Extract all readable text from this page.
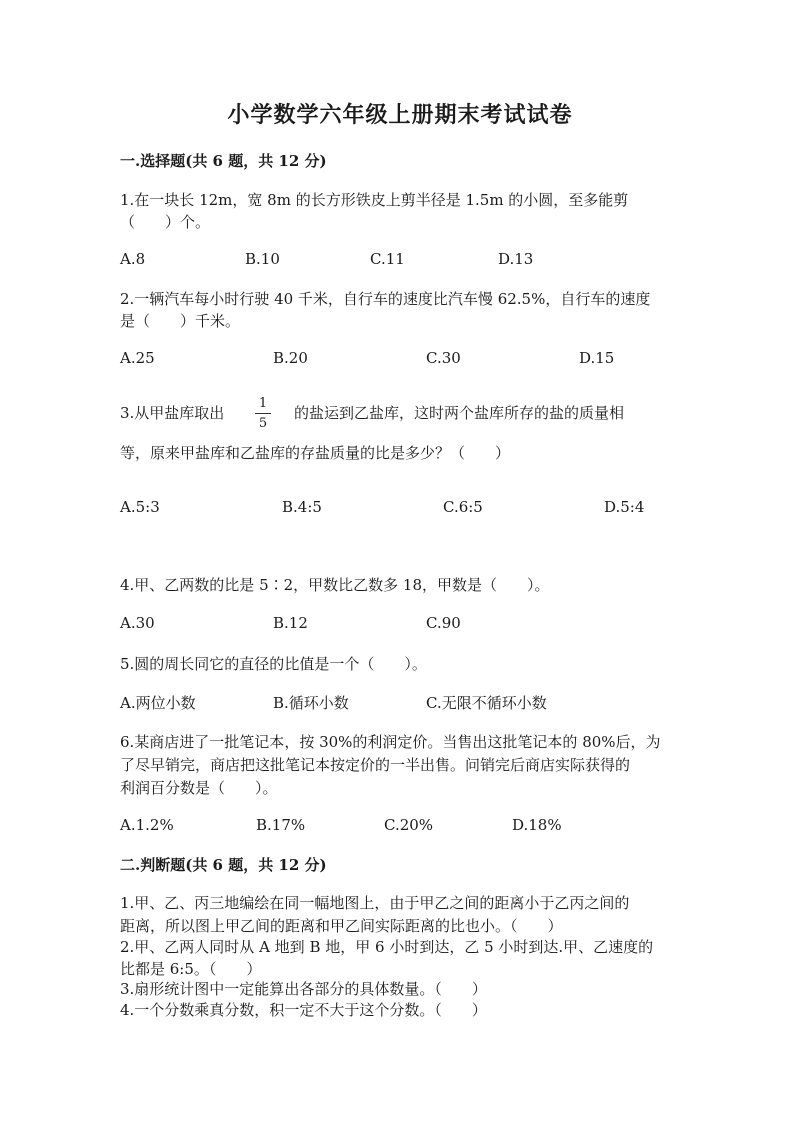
小学数学六年级上册期末考试试卷
一.选择题(共 6 题，共 12 分)
1.在一块长 12m，宽 8m 的长方形铁皮上剪半径是 1.5m 的小圆，至多能剪
（　　）个。
A.8	B.10	C.11	D.13
2.一辆汽车每小时行驶 40 千米，自行车的速度比汽车慢 62.5%，自行车的速度
是（　　）千米。
A.25	B.20	C.30	D.15
3.从甲盐库取出
1
5
的盐运到乙盐库，这时两个盐库所存的盐的质量相
等，原来甲盐库和乙盐库的存盐质量的比是多少？（　　）
A.5:3	B.4:5	C.6:5	D.5:4
4.甲、乙两数的比是 5∶2，甲数比乙数多 18，甲数是（　　）。
A.30	B.12	C.90
5.圆的周长同它的直径的比值是一个（　　）。
A.两位小数	B.循环小数	C.无限不循环小数
6.某商店进了一批笔记本，按 30%的利润定价。当售出这批笔记本的 80%后，为
了尽早销完，商店把这批笔记本按定价的一半出售。问销完后商店实际获得的
利润百分数是（　　）。
A.1.2%	B.17%	C.20%	D.18%
二.判断题(共 6 题，共 12 分)
1.甲、乙、丙三地编绘在同一幅地图上，由于甲乙之间的距离小于乙丙之间的
距离，所以图上甲乙间的距离和甲乙间实际距离的比也小。（　　）
2.甲、乙两人同时从 A 地到 B 地，甲 6 小时到达，乙 5 小时到达.甲、乙速度的
比都是 6:5。（　　）
3.扇形统计图中一定能算出各部分的具体数量。（　　）
4.一个分数乘真分数，积一定不大于这个分数。（　　）
